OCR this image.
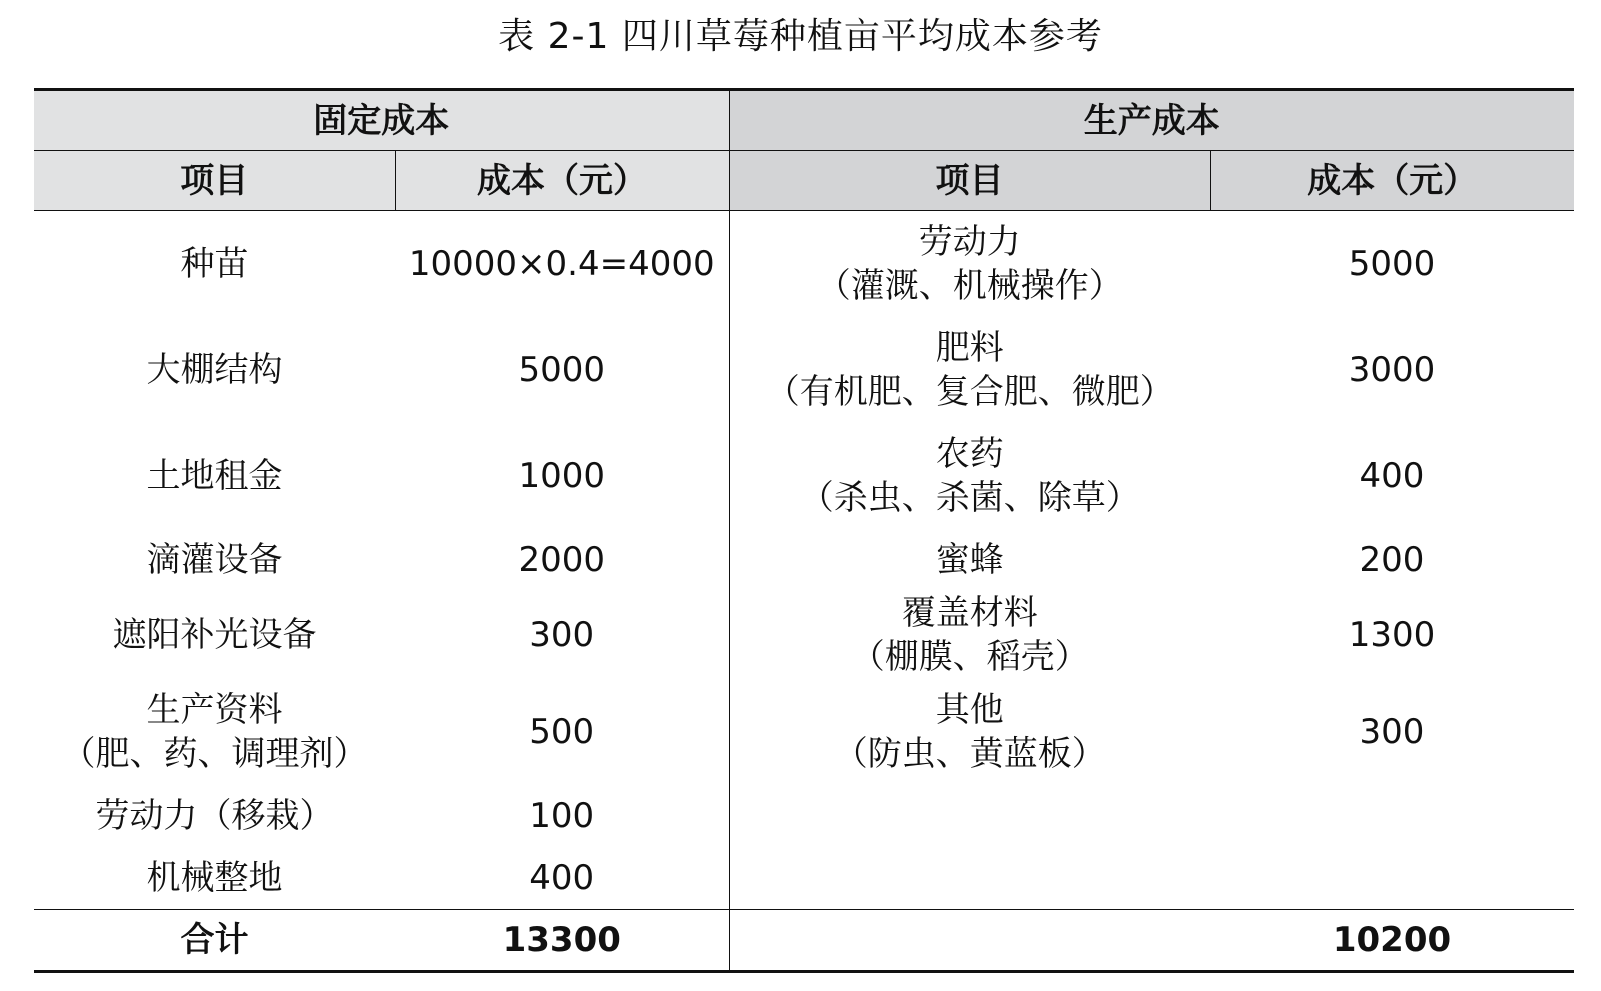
表 2-1 四川草莓种植亩平均成本参考
固定成本		生产成本	
项目	成本（元）	项目	成本（元）

种苗	10000×0.4=4000	劳动力
（灌溉、机械操作）	5000

大棚结构	5000	肥料
（有机肥、复合肥、微肥）	3000

土地租金	1000	农药
（杀虫、杀菌、除草）	400

滴灌设备	2000	蜜蜂	200

遮阳补光设备	300	覆盖材料
（棚膜、稻壳）	1300

生产资料
（肥、药、调理剂）	500	其他
（防虫、黄蓝板）	300

劳动力（移栽）	100		

机械整地	400		
合计	13300		10200
